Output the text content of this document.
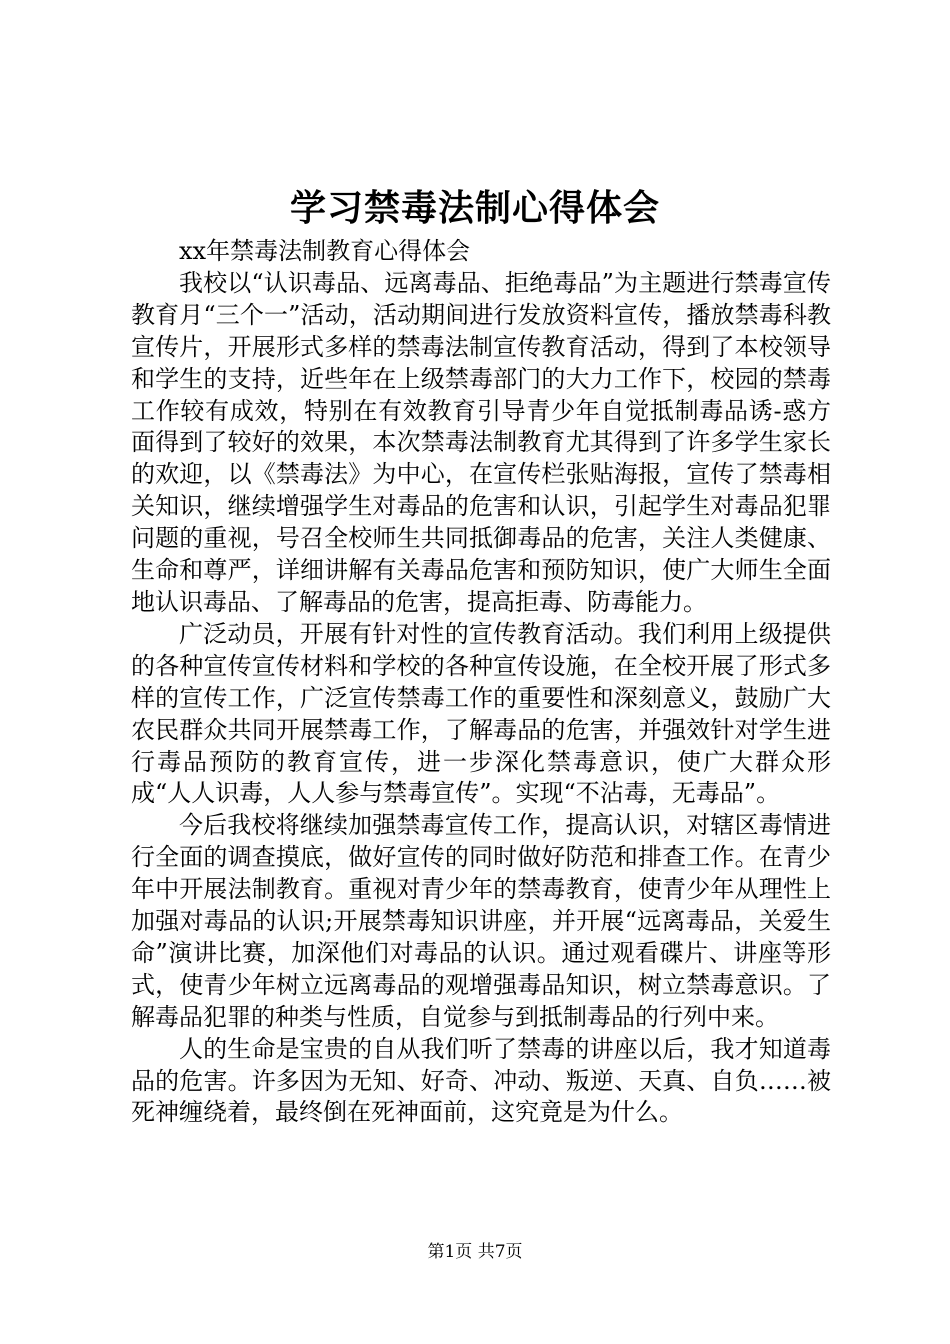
学习禁毒法制心得体会

xx年禁毒法制教育心得体会

我校以“认识毒品、远离毒品、拒绝毒品”为主题进行禁毒宣传教育月“三个一”活动，活动期间进行发放资料宣传，播放禁毒科教宣传片，开展形式多样的禁毒法制宣传教育活动，得到了本校领导和学生的支持，近些年在上级禁毒部门的大力工作下，校园的禁毒工作较有成效，特别在有效教育引导青少年自觉抵制毒品诱-惑方面得到了较好的效果，本次禁毒法制教育尤其得到了许多学生家长的欢迎，以《禁毒法》为中心，在宣传栏张贴海报，宣传了禁毒相关知识，继续增强学生对毒品的危害和认识，引起学生对毒品犯罪问题的重视，号召全校师生共同抵御毒品的危害，关注人类健康、生命和尊严，详细讲解有关毒品危害和预防知识，使广大师生全面地认识毒品、了解毒品的危害，提高拒毒、防毒能力。

广泛动员，开展有针对性的宣传教育活动。我们利用上级提供的各种宣传宣传材料和学校的各种宣传设施，在全校开展了形式多样的宣传工作，广泛宣传禁毒工作的重要性和深刻意义，鼓励广大农民群众共同开展禁毒工作，了解毒品的危害，并强效针对学生进行毒品预防的教育宣传，进一步深化禁毒意识，使广大群众形成“人人识毒，人人参与禁毒宣传”。实现“不沾毒，无毒品”。

今后我校将继续加强禁毒宣传工作，提高认识，对辖区毒情进行全面的调查摸底，做好宣传的同时做好防范和排查工作。在青少年中开展法制教育。重视对青少年的禁毒教育，使青少年从理性上加强对毒品的认识;开展禁毒知识讲座，并开展“远离毒品，关爱生命”演讲比赛，加深他们对毒品的认识。通过观看碟片、讲座等形式，使青少年树立远离毒品的观增强毒品知识，树立禁毒意识。了解毒品犯罪的种类与性质，自觉参与到抵制毒品的行列中来。

人的生命是宝贵的自从我们听了禁毒的讲座以后，我才知道毒品的危害。许多因为无知、好奇、冲动、叛逆、天真、自负……被死神缠绕着，最终倒在死神面前，这究竟是为什么。

第1页 共7页
